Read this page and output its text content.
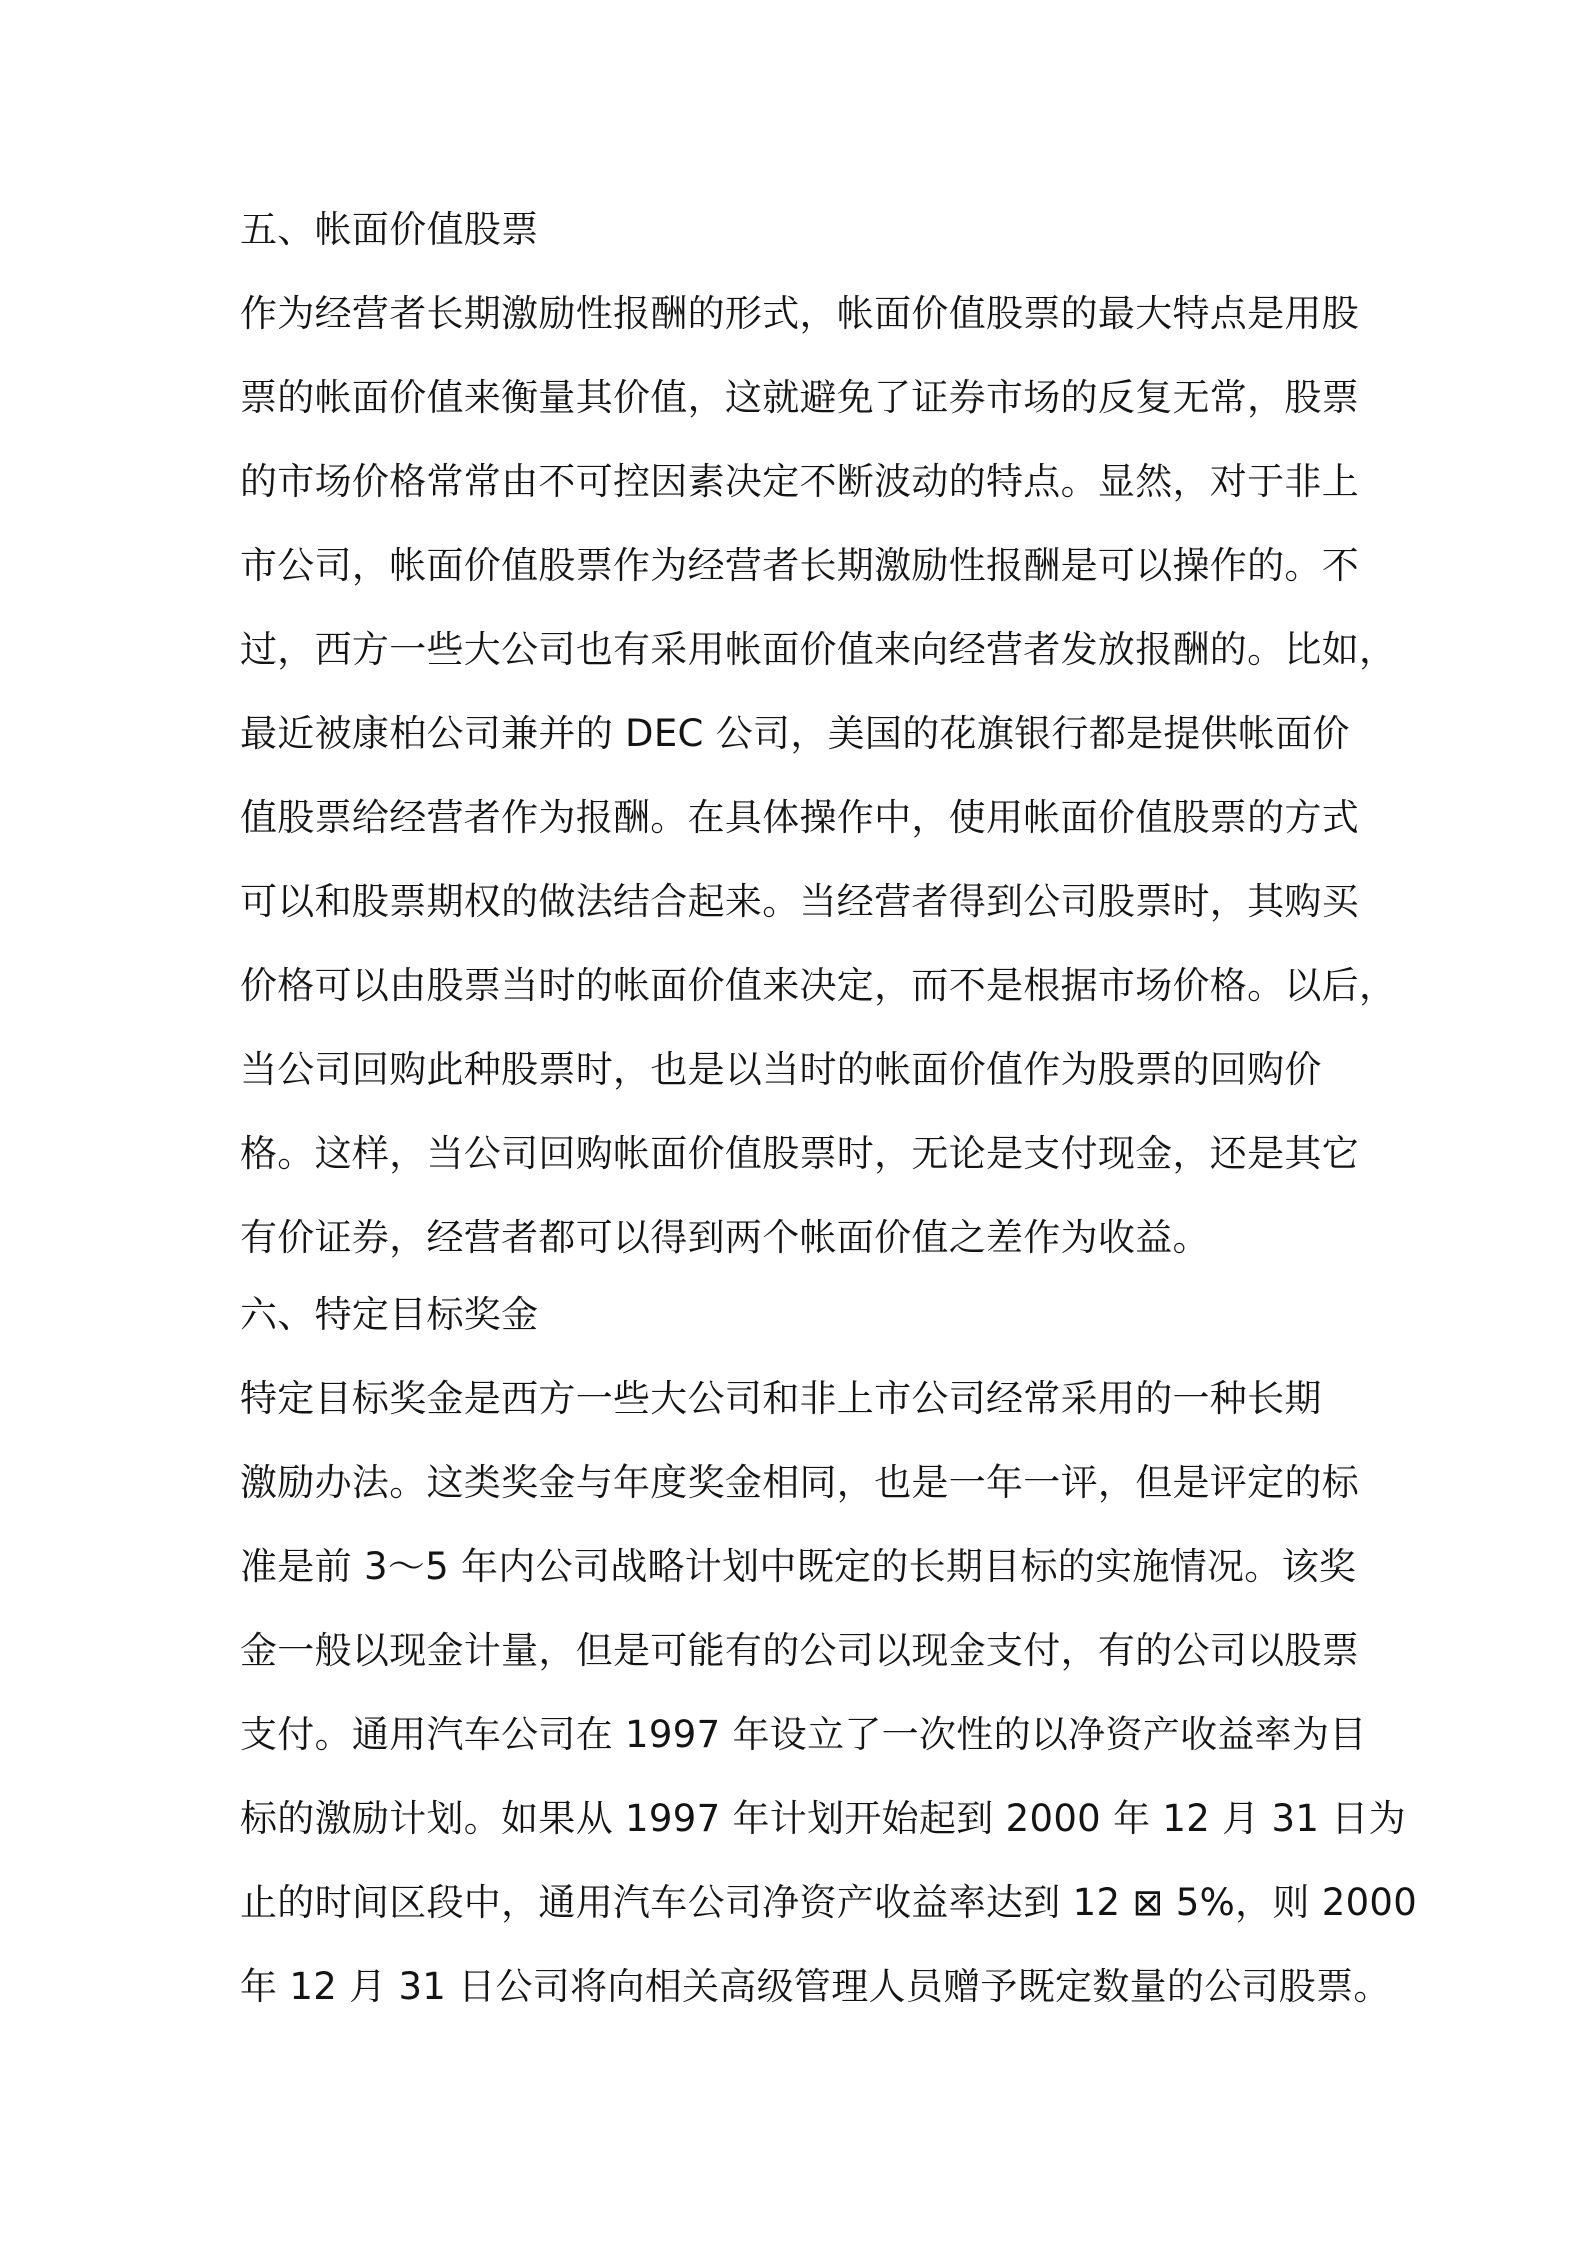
五、帐面价值股票
作为经营者长期激励性报酬的形式，帐面价值股票的最大特点是用股
票的帐面价值来衡量其价值，这就避免了证券市场的反复无常，股票
的市场价格常常由不可控因素决定不断波动的特点。显然，对于非上
市公司，帐面价值股票作为经营者长期激励性报酬是可以操作的。不
过，西方一些大公司也有采用帐面价值来向经营者发放报酬的。比如，
最近被康柏公司兼并的 DEC 公司，美国的花旗银行都是提供帐面价
值股票给经营者作为报酬。在具体操作中，使用帐面价值股票的方式
可以和股票期权的做法结合起来。当经营者得到公司股票时，其购买
价格可以由股票当时的帐面价值来决定，而不是根据市场价格。以后，
当公司回购此种股票时，也是以当时的帐面价值作为股票的回购价
格。这样，当公司回购帐面价值股票时，无论是支付现金，还是其它
有价证券，经营者都可以得到两个帐面价值之差作为收益。
六、特定目标奖金
特定目标奖金是西方一些大公司和非上市公司经常采用的一种长期
激励办法。这类奖金与年度奖金相同，也是一年一评，但是评定的标
准是前 3～5 年内公司战略计划中既定的长期目标的实施情况。该奖
金一般以现金计量，但是可能有的公司以现金支付，有的公司以股票
支付。通用汽车公司在 1997 年设立了一次性的以净资产收益率为目
标的激励计划。如果从 1997 年计划开始起到 2000 年 12 月 31 日为
止的时间区段中，通用汽车公司净资产收益率达到 12 ⊠ 5%，则 2000
年 12 月 31 日公司将向相关高级管理人员赠予既定数量的公司股票。
